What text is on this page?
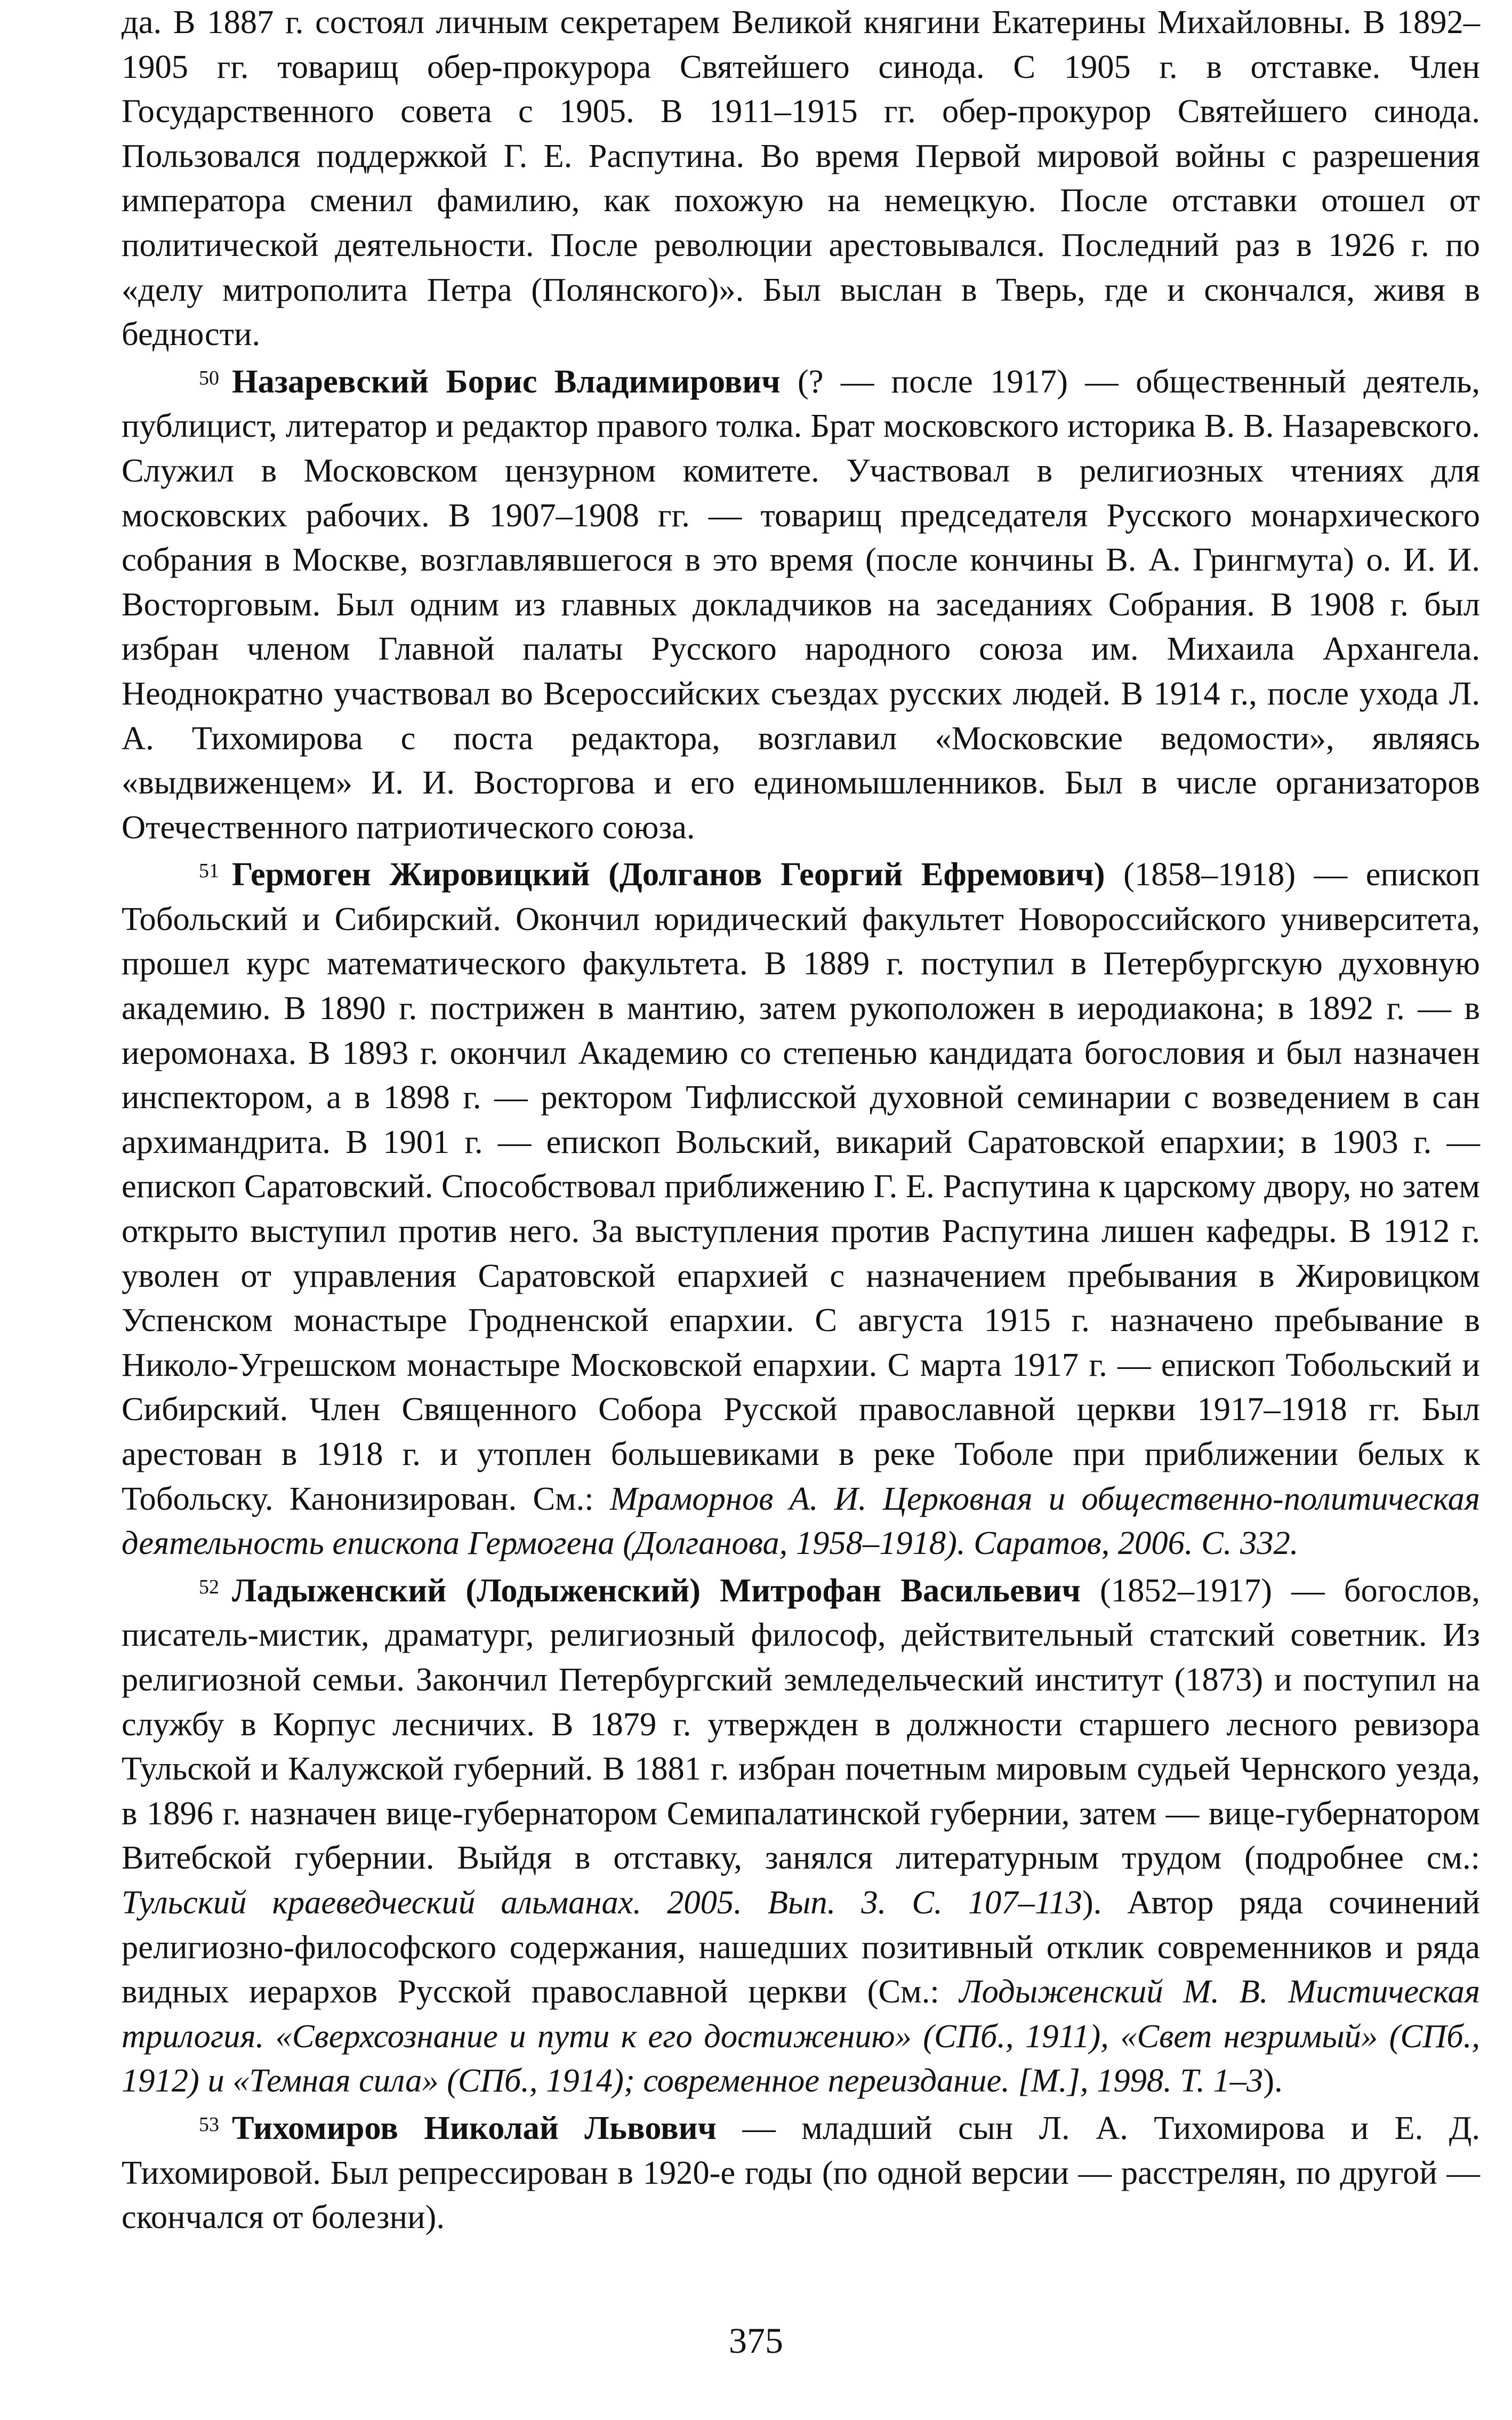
да. В 1887 г. состоял личным секретарем Великой княгини Екатерины Михайловны. В 1892–1905 гг. товарищ обер-прокурора Святейшего синода. С 1905 г. в отставке. Член Государственного совета с 1905. В 1911–1915 гг. обер-прокурор Святейшего синода. Пользовался поддержкой Г. Е. Распутина. Во время Первой мировой войны с разрешения императора сменил фамилию, как похожую на немецкую. После отставки отошел от политической деятельности. После революции арестовывался. Последний раз в 1926 г. по «делу митрополита Петра (Полянского)». Был выслан в Тверь, где и скончался, живя в бедности.

$^{50}$ Назаревский Борис Владимирович (? — после 1917) — общественный деятель, публицист, литератор и редактор правого толка. Брат московского историка В. В. Назаревского. Служил в Московском цензурном комитете. Участвовал в религиозных чтениях для московских рабочих. В 1907–1908 гг. — товарищ председателя Русского монархического собрания в Москве, возглавлявшегося в это время (после кончины В. А. Грингмута) о. И. И. Восторговым. Был одним из главных докладчиков на заседаниях Собрания. В 1908 г. был избран членом Главной палаты Русского народного союза им. Михаила Архангела. Неоднократно участвовал во Всероссийских съездах русских людей. В 1914 г., после ухода Л. А. Тихомирова с поста редактора, возглавил «Московские ведомости», являясь «выдвиженцем» И. И. Восторгова и его единомышленников. Был в числе организаторов Отечественного патриотического союза.

$^{51}$ Гермоген Жировицкий (Долганов Георгий Ефремович) (1858–1918) — епископ Тобольский и Сибирский. Окончил юридический факультет Новороссийского университета, прошел курс математического факультета. В 1889 г. поступил в Петербургскую духовную академию. В 1890 г. пострижен в мантию, затем рукоположен в иеродиакона; в 1892 г. — в иеромонаха. В 1893 г. окончил Академию со степенью кандидата богословия и был назначен инспектором, а в 1898 г. — ректором Тифлисской духовной семинарии с возведением в сан архимандрита. В 1901 г. — епископ Вольский, викарий Саратовской епархии; в 1903 г. — епископ Саратовский. Способствовал приближению Г. Е. Распутина к царскому двору, но затем открыто выступил против него. За выступления против Распутина лишен кафедры. В 1912 г. уволен от управления Саратовской епархией с назначением пребывания в Жировицком Успенском монастыре Гродненской епархии. С августа 1915 г. назначено пребывание в Николо-Угрешском монастыре Московской епархии. С марта 1917 г. — епископ Тобольский и Сибирский. Член Священного Собора Русской православной церкви 1917–1918 гг. Был арестован в 1918 г. и утоплен большевиками в реке Тоболе при приближении белых к Тобольску. Канонизирован. См.: Мраморнов А. И. Церковная и общественно-политическая деятельность епископа Гермогена (Долганова, 1958–1918). Саратов, 2006. С. 332.

$^{52}$ Ладыженский (Лодыженский) Митрофан Васильевич (1852–1917) — богослов, писатель-мистик, драматург, религиозный философ, действительный статский советник. Из религиозной семьи. Закончил Петербургский земледельческий институт (1873) и поступил на службу в Корпус лесничих. В 1879 г. утвержден в должности старшего лесного ревизора Тульской и Калужской губерний. В 1881 г. избран почетным мировым судьей Чернского уезда, в 1896 г. назначен вице-губернатором Семипалатинской губернии, затем — вице-губернатором Витебской губернии. Выйдя в отставку, занялся литературным трудом (подробнее см.: Тульский краеведческий альманах. 2005. Вып. 3. С. 107–113). Автор ряда сочинений религиозно-философского содержания, нашедших позитивный отклик современников и ряда видных иерархов Русской православной церкви (См.: Лодыженский М. В. Мистическая трилогия. «Сверхсознание и пути к его достижению» (СПб., 1911), «Свет незримый» (СПб., 1912) и «Темная сила» (СПб., 1914); современное переиздание. [М.], 1998. Т. 1–3).

$^{53}$ Тихомиров Николай Львович — младший сын Л. А. Тихомирова и Е. Д. Тихомировой. Был репрессирован в 1920-е годы (по одной версии — расстрелян, по другой — скончался от болезни).

375
